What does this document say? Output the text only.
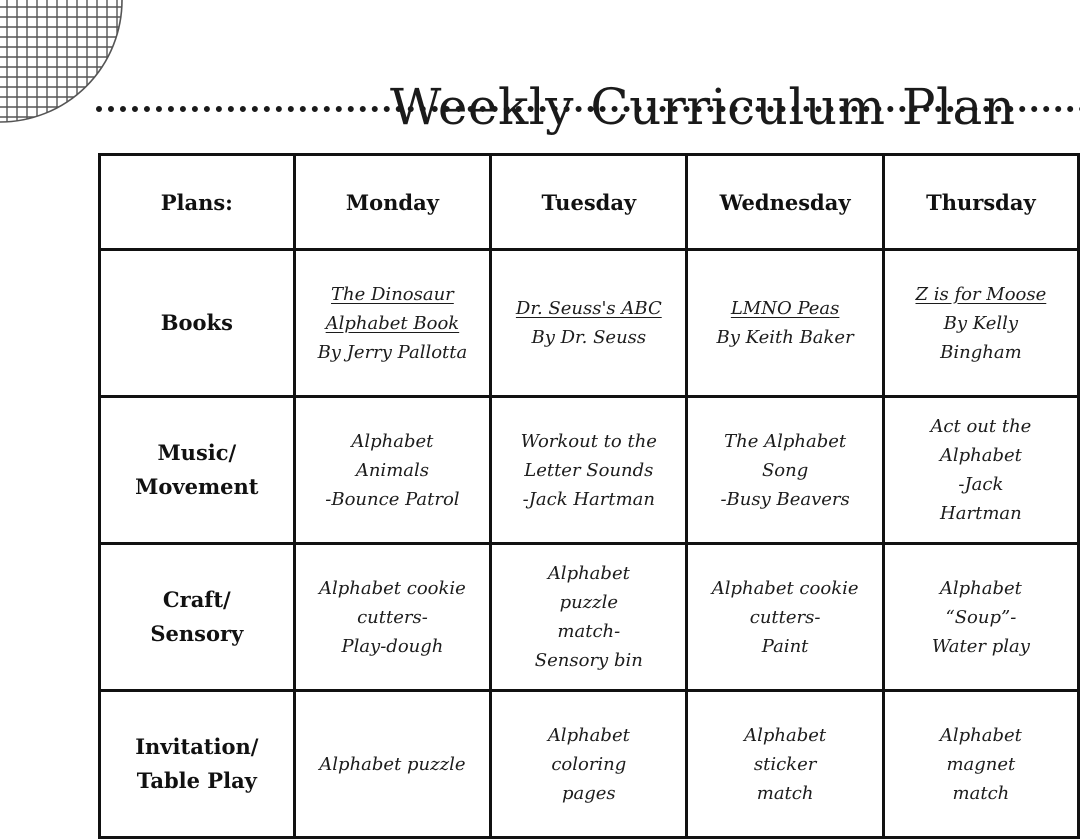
Weekly Curriculum Plan
Plans:	Monday	Tuesday	Wednesday	Thursday

Books	The Dinosaur
Alphabet Book
By Jerry Pallotta	Dr. Seuss's ABC
By Dr. Seuss	LMNO Peas
By Keith Baker	Z is for Moose
By Kelly
Bingham

Music/
Movement	Alphabet
Animals
-Bounce Patrol	Workout to the
Letter Sounds
-Jack Hartman	The Alphabet
Song
-Busy Beavers	Act out the
Alphabet
-Jack
Hartman

Craft/
Sensory	Alphabet cookie
cutters-
Play-dough	Alphabet
puzzle
match-
Sensory bin	Alphabet cookie
cutters-
Paint	Alphabet
“Soup”-
Water play

Invitation/
Table Play	Alphabet puzzle	Alphabet
coloring
pages	Alphabet
sticker
match	Alphabet
magnet
match
